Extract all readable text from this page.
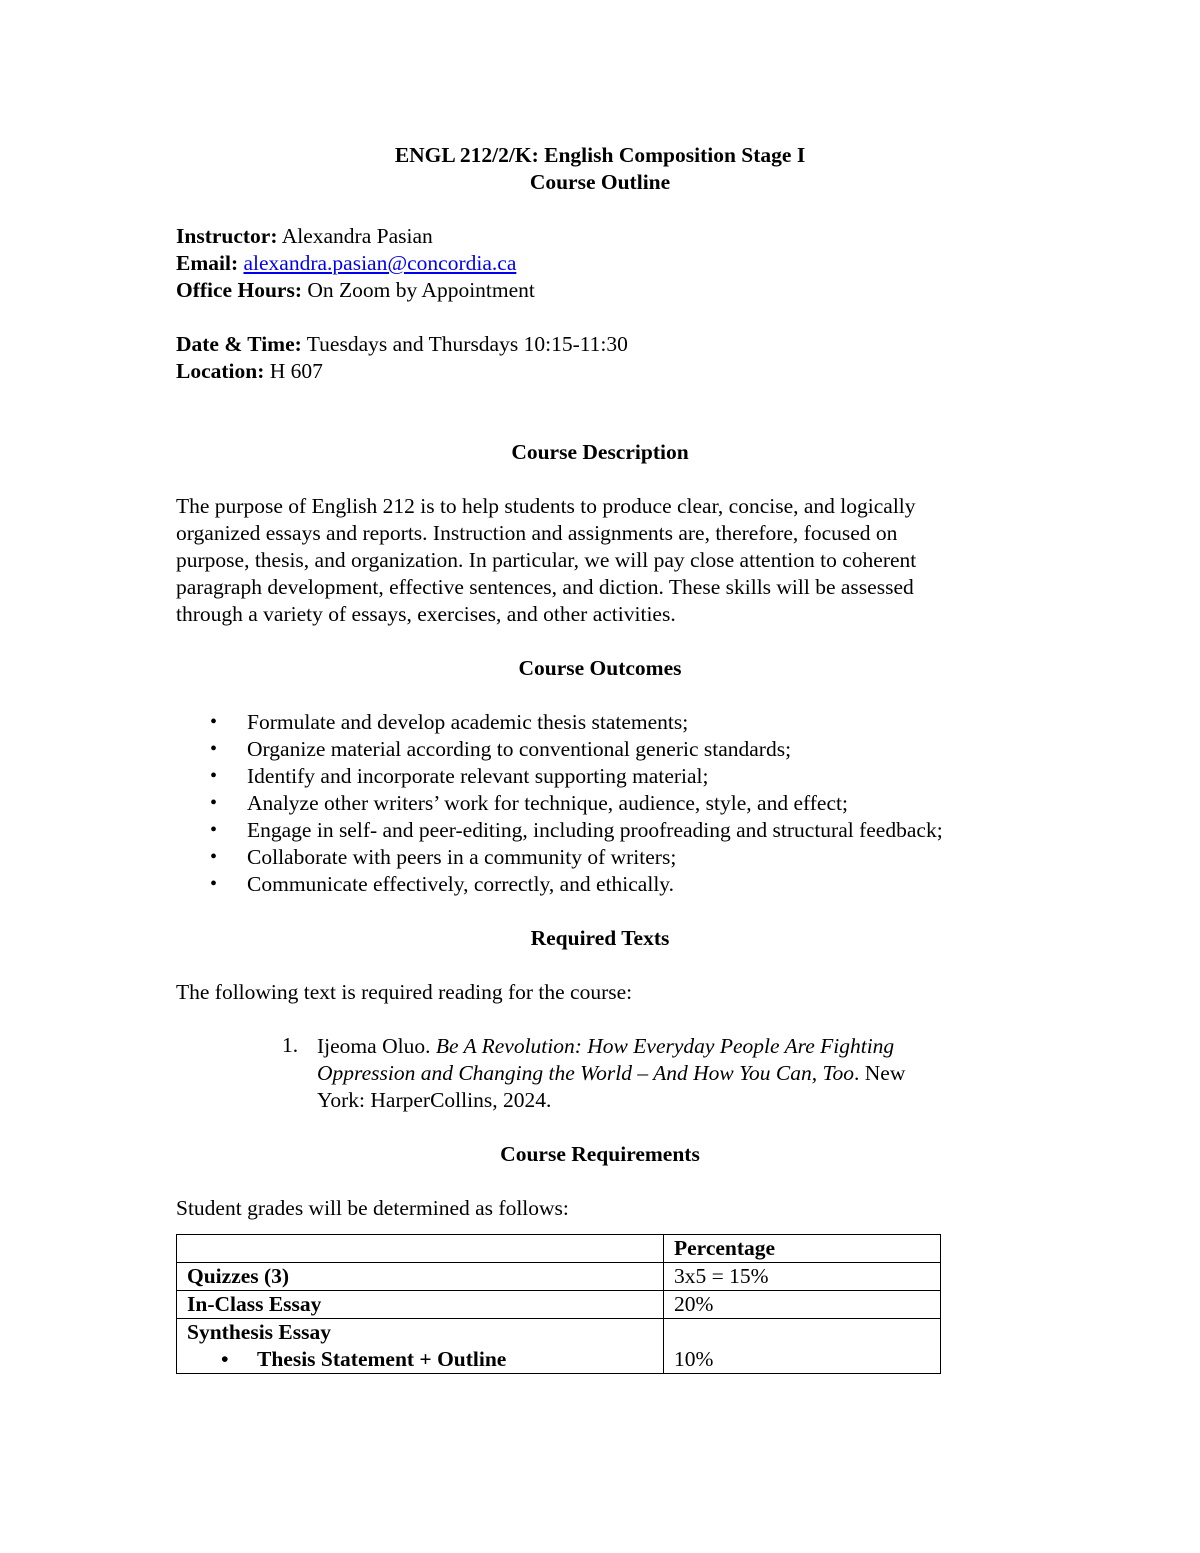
ENGL 212/2/K: English Composition Stage I
Course Outline
Instructor: Alexandra Pasian
Email: alexandra.pasian@concordia.ca
Office Hours: On Zoom by Appointment
Date & Time: Tuesdays and Thursdays 10:15-11:30
Location: H 607
Course Description

The purpose of English 212 is to help students to produce clear, concise, and logically

organized essays and reports. Instruction and assignments are, therefore, focused on

purpose, thesis, and organization. In particular, we will pay close attention to coherent

paragraph development, effective sentences, and diction. These skills will be assessed

through a variety of essays, exercises, and other activities.

Course Outcomes
• Formulate and develop academic thesis statements;
• Organize material according to conventional generic standards;
• Identify and incorporate relevant supporting material;
• Analyze other writers’ work for technique, audience, style, and effect;
• Engage in self- and peer-editing, including proofreading and structural feedback;
• Collaborate with peers in a community of writers;
• Communicate effectively, correctly, and ethically.
Required Texts
The following text is required reading for the course:
1. Ijeoma Oluo. Be A Revolution: How Everyday People Are Fighting
Oppression and Changing the World – And How You Can, Too. New
York: HarperCollins, 2024.
Course Requirements
Student grades will be determined as follows:
	Percentage
Quizzes (3)	3x5 = 15%
In-Class Essay	20%

Synthesis Essay
• Thesis Statement + Outline	10%
